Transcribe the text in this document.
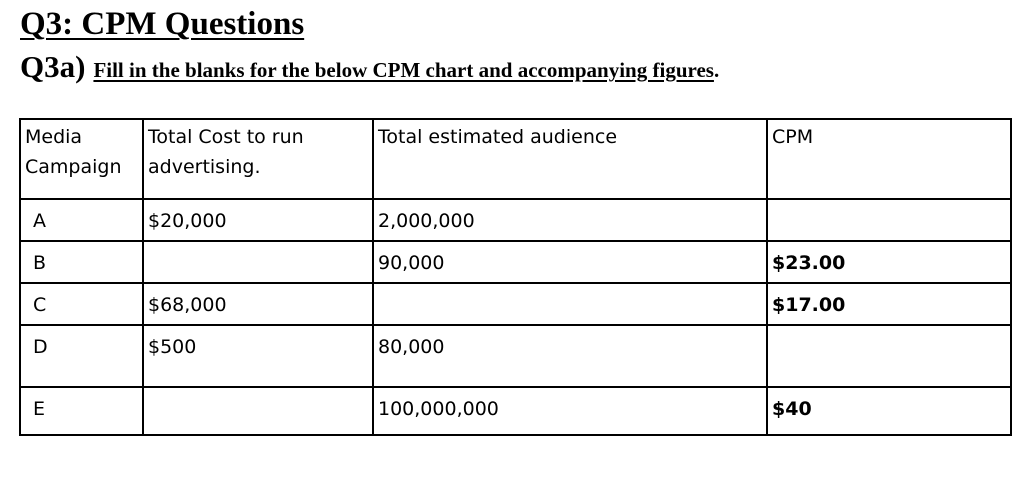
Q3: CPM Questions

Q3a) Fill in the blanks for the below CPM chart and accompanying figures.

Media Campaign	Total Cost to run advertising.	Total estimated audience	CPM
A	$20,000	2,000,000	
B		90,000	$23.00
C	$68,000		$17.00
D	$500	80,000	
E		100,000,000	$40
